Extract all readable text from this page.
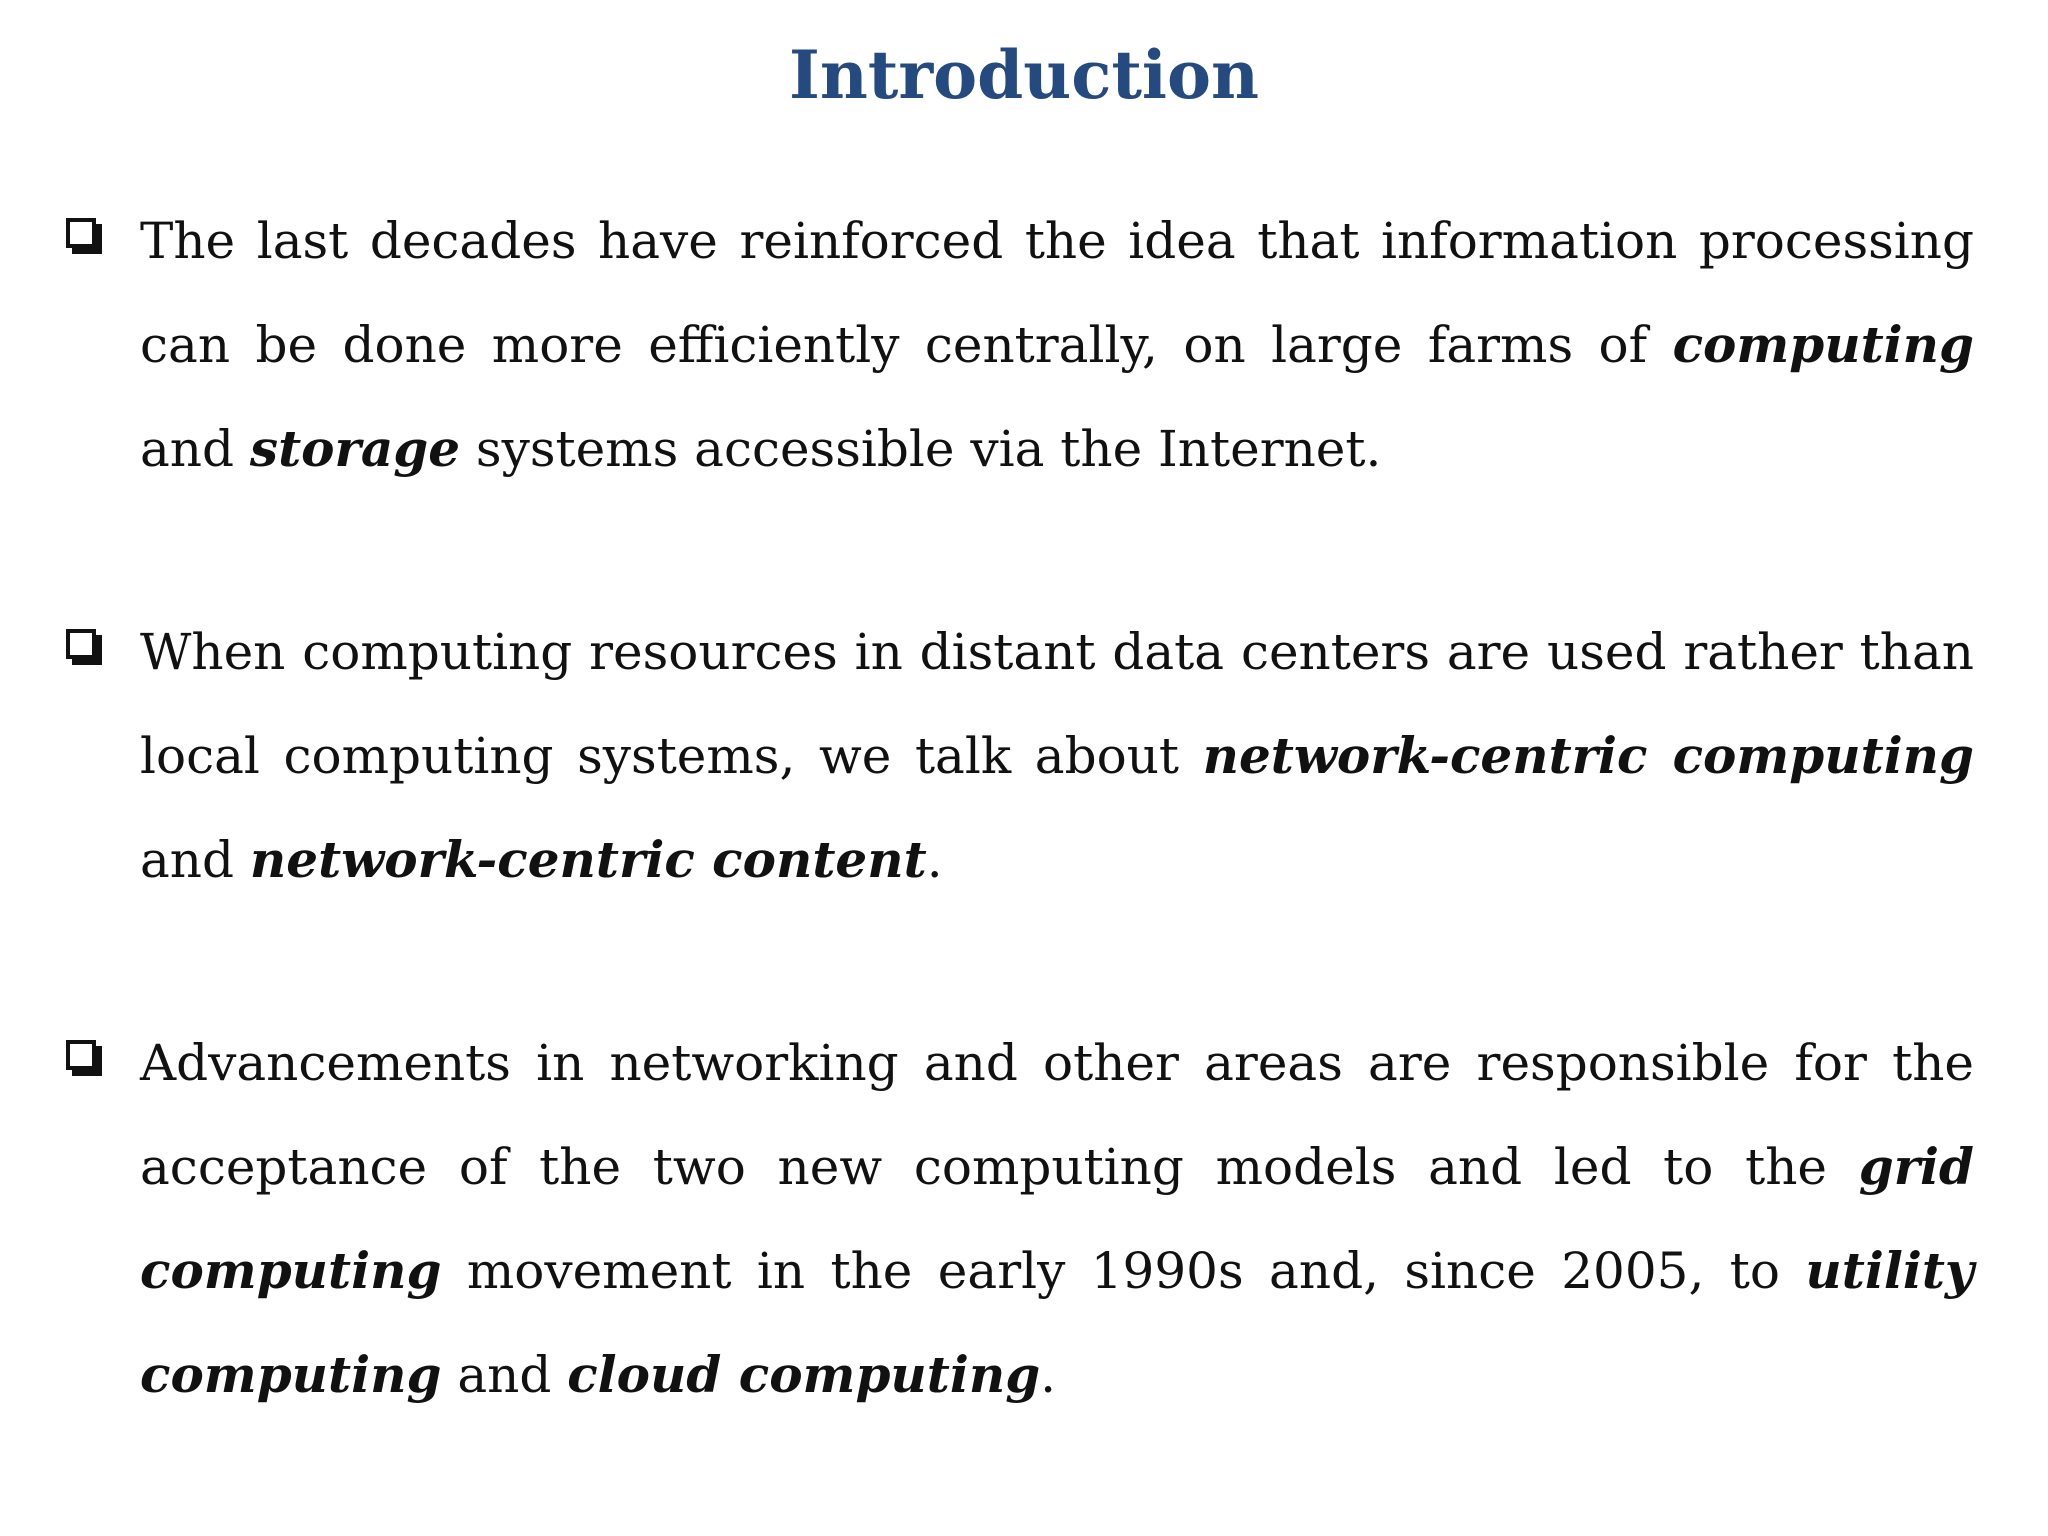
Introduction

The last decades have reinforced the idea that information processing can be done more efficiently centrally, on large farms of computing and storage systems accessible via the Internet.

When computing resources in distant data centers are used rather than local computing systems, we talk about network-centric computing and network-centric content.

Advancements in networking and other areas are responsible for the acceptance of the two new computing models and led to the grid computing movement in the early 1990s and, since 2005, to utility computing and cloud computing.
